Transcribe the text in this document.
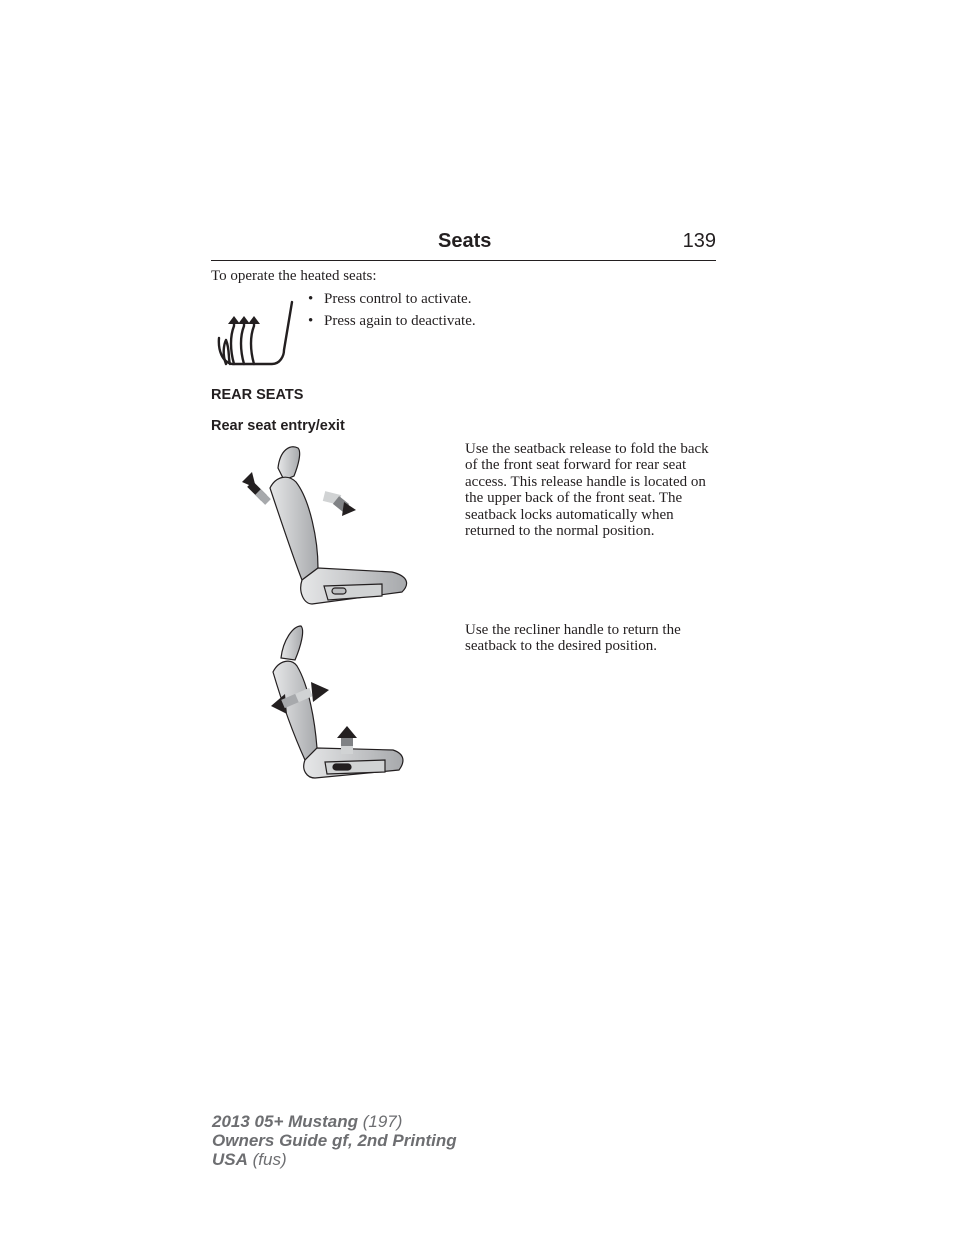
Seats	139
To operate the heated seats:
• Press control to activate.
• Press again to deactivate.
REAR SEATS
Rear seat entry/exit
Use the seatback release to fold the back of the front seat forward for rear seat access. This release handle is located on the upper back of the front seat. The seatback locks automatically when returned to the normal position.
Use the recliner handle to return the seatback to the desired position.
2013 05+ Mustang (197)
Owners Guide gf, 2nd Printing
USA (fus)
